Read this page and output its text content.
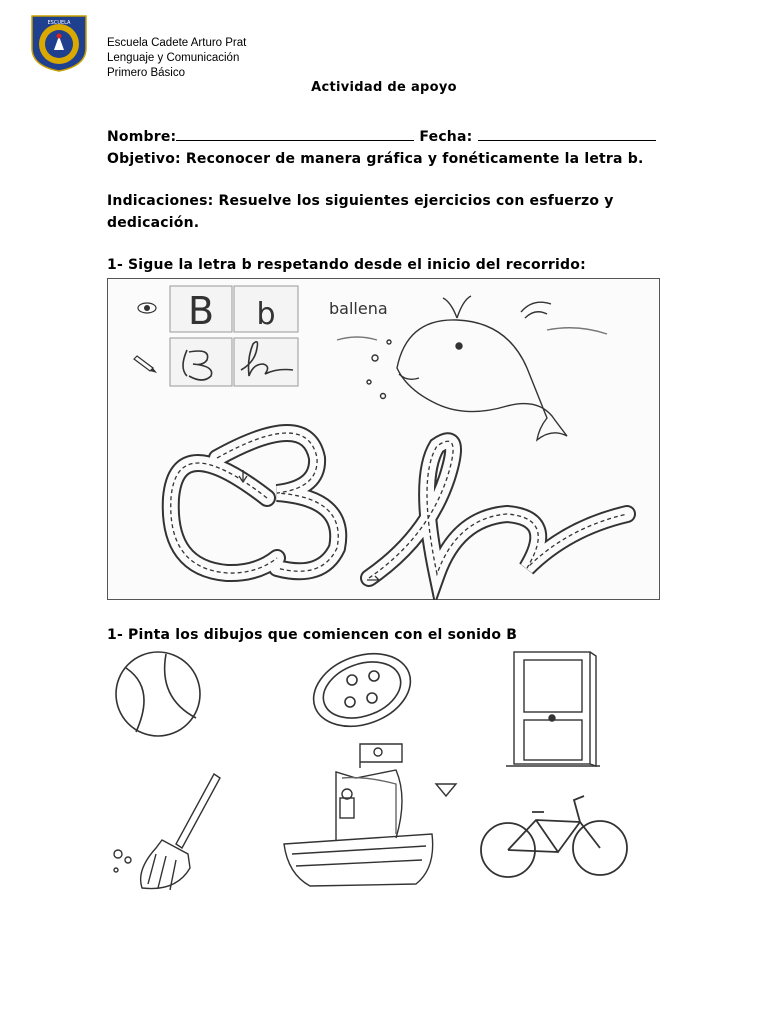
ESCUELA
Escuela Cadete Arturo Prat
Lenguaje y Comunicación
Primero Básico
Actividad de apoyo
Nombre:	Fecha:
Objetivo: Reconocer de manera gráfica y fonéticamente la letra b.
Indicaciones: Resuelve los siguientes ejercicios con esfuerzo y dedicación.
1- Sigue la letra b respetando desde el inicio del recorrido:
B b	ballena
1- Pinta los dibujos que comiencen con el sonido B
